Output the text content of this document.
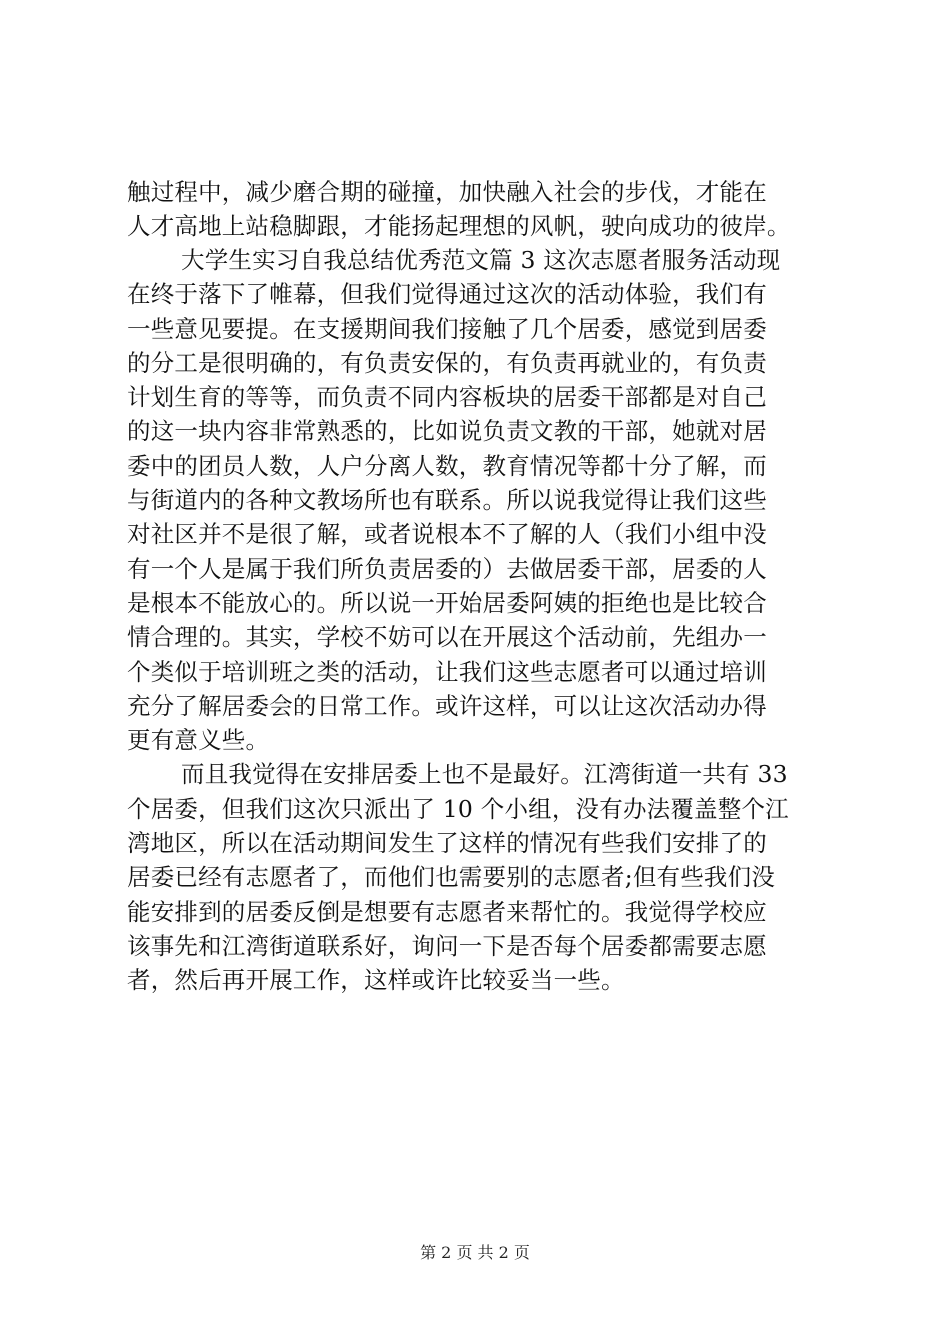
触过程中，减少磨合期的碰撞，加快融入社会的步伐，才能在
人才高地上站稳脚跟，才能扬起理想的风帆，驶向成功的彼岸。
大学生实习自我总结优秀范文篇 3 这次志愿者服务活动现
在终于落下了帷幕，但我们觉得通过这次的活动体验，我们有
一些意见要提。在支援期间我们接触了几个居委，感觉到居委
的分工是很明确的，有负责安保的，有负责再就业的，有负责
计划生育的等等，而负责不同内容板块的居委干部都是对自己
的这一块内容非常熟悉的，比如说负责文教的干部，她就对居
委中的团员人数，人户分离人数，教育情况等都十分了解，而
与街道内的各种文教场所也有联系。所以说我觉得让我们这些
对社区并不是很了解，或者说根本不了解的人（我们小组中没
有一个人是属于我们所负责居委的）去做居委干部，居委的人
是根本不能放心的。所以说一开始居委阿姨的拒绝也是比较合
情合理的。其实，学校不妨可以在开展这个活动前，先组办一
个类似于培训班之类的活动，让我们这些志愿者可以通过培训
充分了解居委会的日常工作。或许这样，可以让这次活动办得
更有意义些。
而且我觉得在安排居委上也不是最好。江湾街道一共有 33
个居委，但我们这次只派出了 10 个小组，没有办法覆盖整个江
湾地区，所以在活动期间发生了这样的情况有些我们安排了的
居委已经有志愿者了，而他们也需要别的志愿者;但有些我们没
能安排到的居委反倒是想要有志愿者来帮忙的。我觉得学校应
该事先和江湾街道联系好，询问一下是否每个居委都需要志愿
者，然后再开展工作，这样或许比较妥当一些。
第 2 页 共 2 页
